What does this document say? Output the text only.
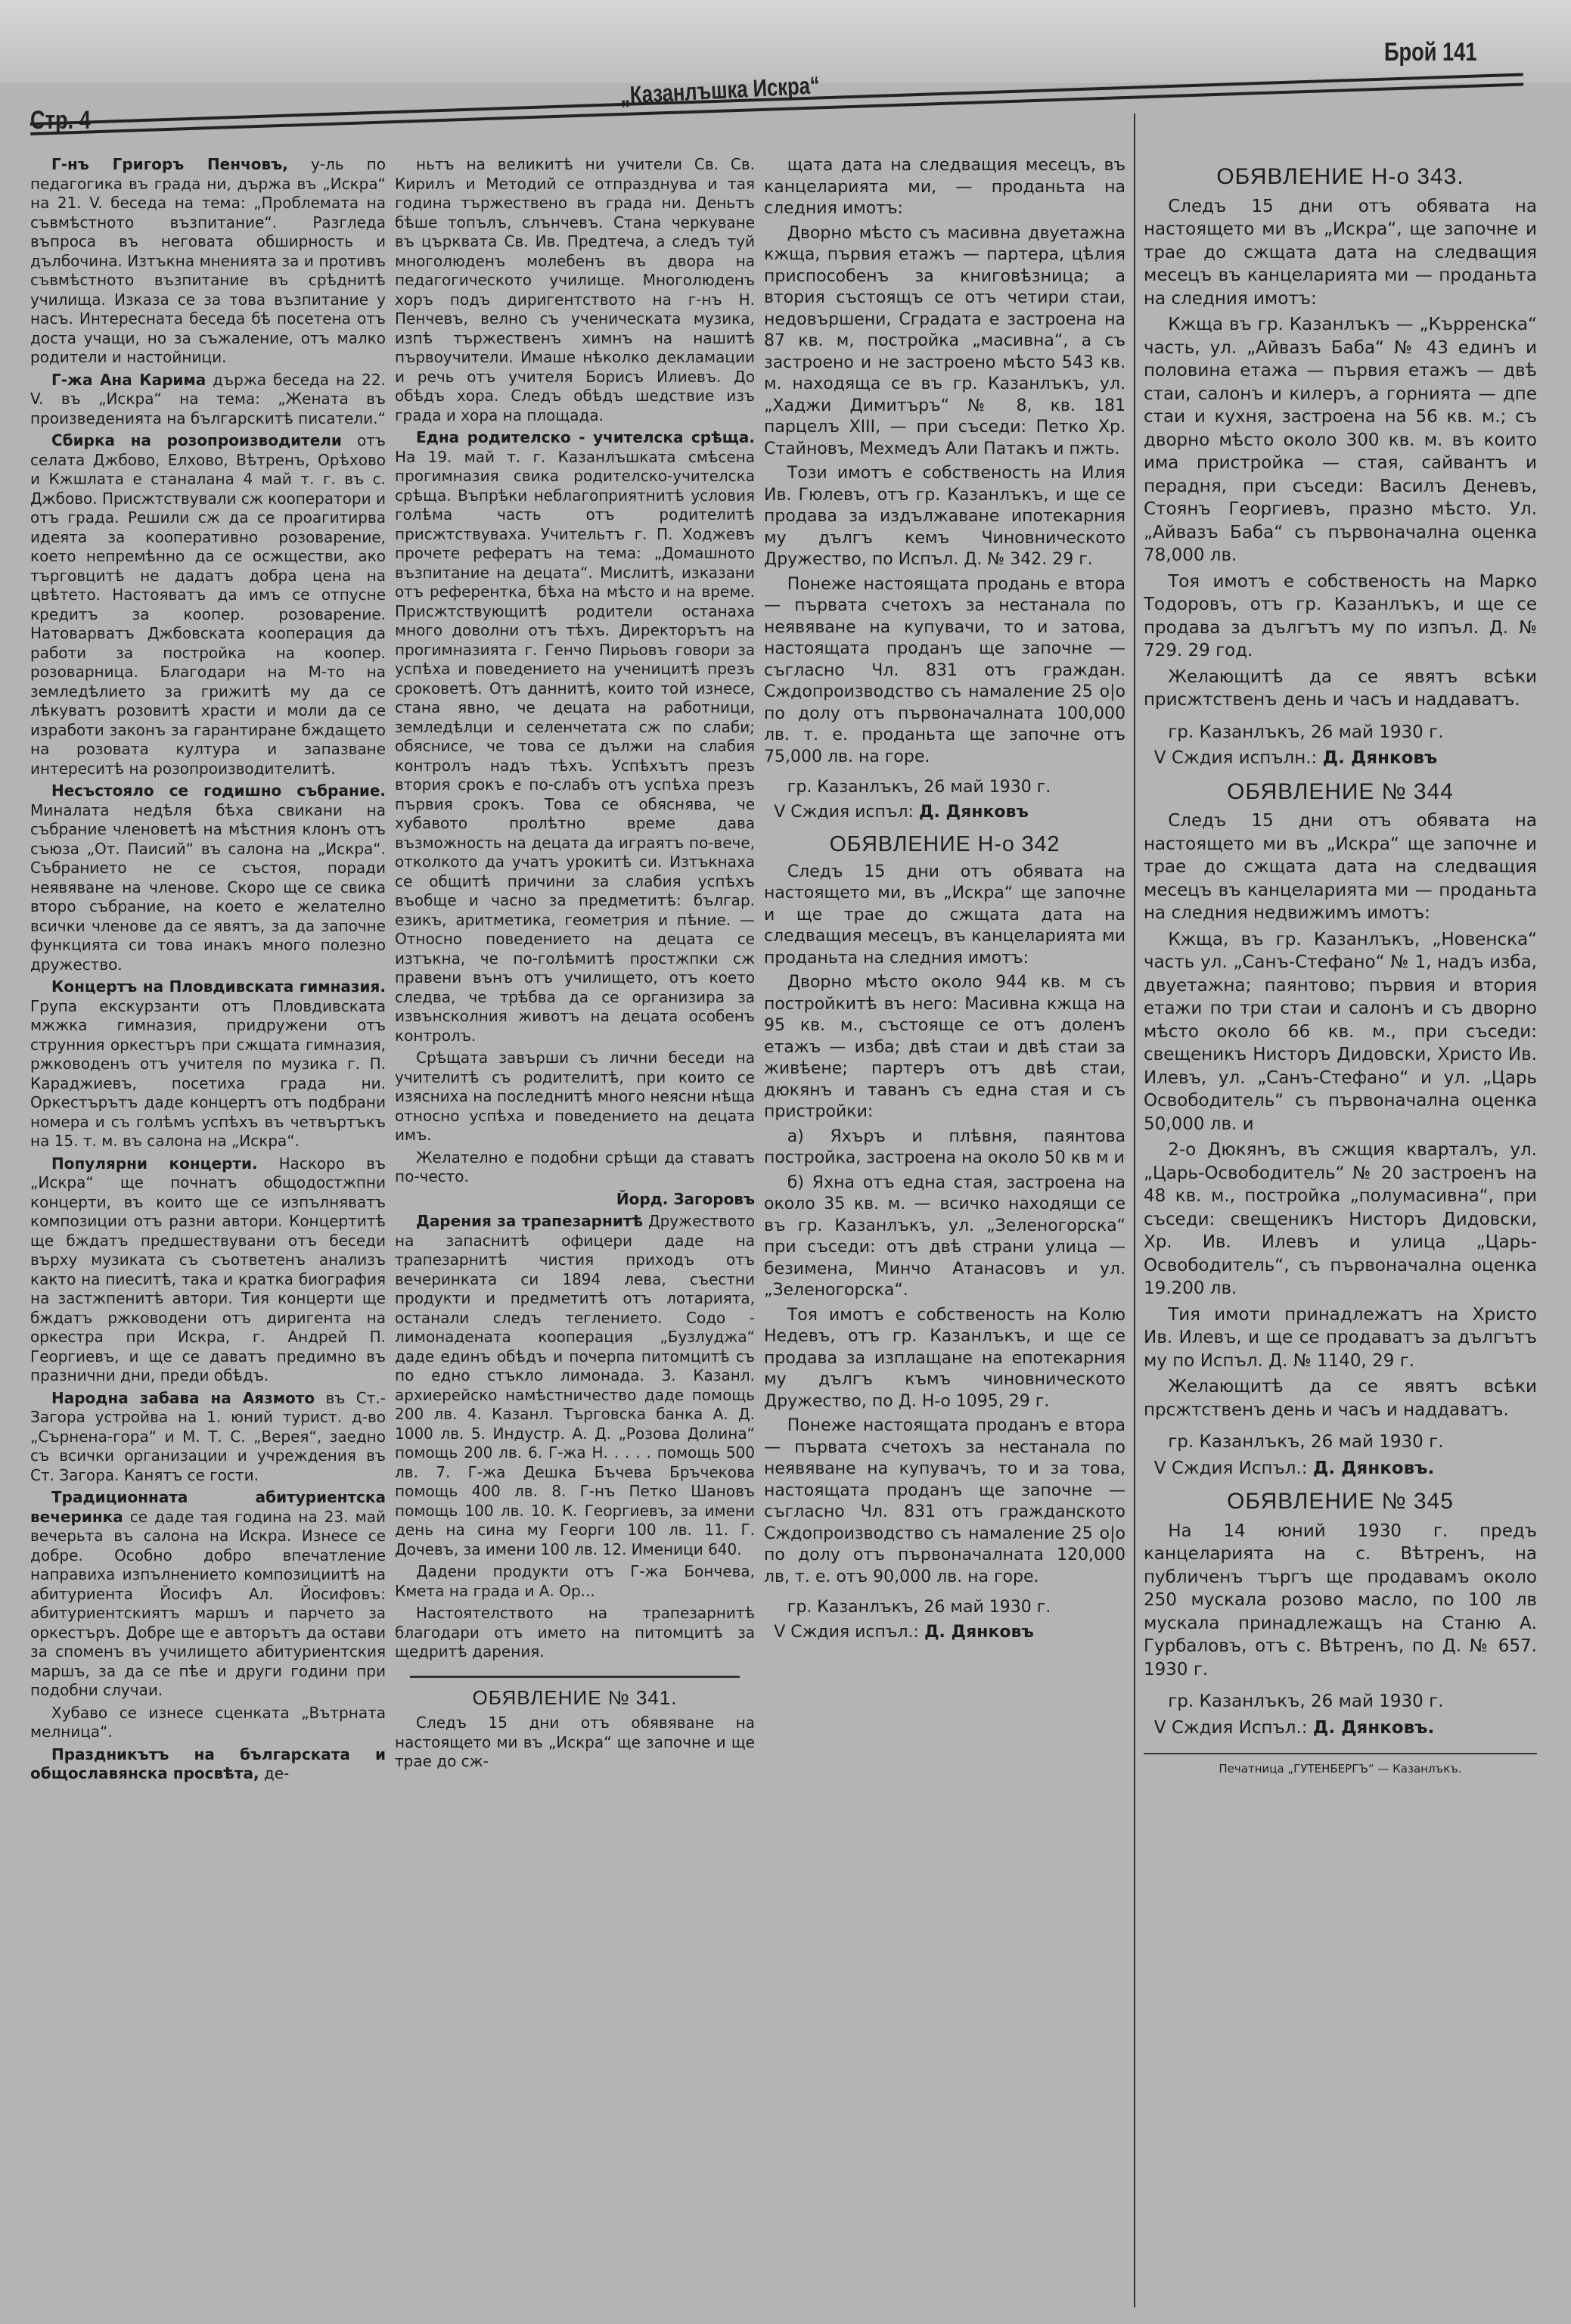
Стр. 4
„Казанлъшка Искра“
Брой 141

Г-нъ Григоръ Пенчовъ, у-ль по педагогика въ града ни, държа въ „Искра“ на 21. V. беседа на тема: „Проблемата на съвмѣстното възпитание“. Разгледа въпроса въ неговата обширность и дълбочина. Изтъкна мненията за и противъ съвмѣстното възпитание въ срѣднитѣ училища. Изказа се за това възпитание у насъ. Интересната беседа бѣ посетена отъ доста учащи, но за съжаление, отъ малко родители и настойници.

Г-жа Ана Карима държа беседа на 22. V. въ „Искра“ на тема: „Жената въ произведенията на българскитѣ писатели.“

Сбирка на розопроизводители отъ селата Джбово, Елхово, Вѣтренъ, Орѣхово и Кжшлата е станалана 4 май т. г. въ с. Джбово. Присжтствували сж кооператори и отъ града. Решили сж да се проагитирва идеята за кооперативно розоварение, което непремѣнно да се осжществи, ако търговцитѣ не дадатъ добра цена на цвѣтето. Настояватъ да имъ се отпусне кредитъ за коопер. розоварение. Натоварватъ Джбовската кооперация да работи за постройка на коопер. розоварница. Благодари на М-то на земледѣлието за грижитѣ му да се лѣкуватъ розовитѣ храсти и моли да се изработи законъ за гарантиране бждащето на розовата култура и запазване интереситѣ на розопроизводителитѣ.

Несъстояло се годишно събрание. Миналата недѣля бѣха свикани на събрание членоветѣ на мѣстния клонъ отъ съюза „От. Паисий“ въ салона на „Искра“. Събранието не се състоя, поради неявяване на членове. Скоро ще се свика второ събрание, на което е желателно всички членове да се явятъ, за да започне функцията си това инакъ много полезно дружество.

Концертъ на Пловдивската гимназия. Група екскурзанти отъ Пловдивската мжжка гимназия, придружени отъ струнния оркестъръ при сжщата гимназия, ржководенъ отъ учителя по музика г. П. Караджиевъ, посетиха града ни. Оркестърътъ даде концертъ отъ подбрани номера и съ голѣмъ успѣхъ въ четвъртъкъ на 15. т. м. въ салона на „Искра“.

Популярни концерти. Наскоро въ „Искра“ ще почнатъ общодостжпни концерти, въ които ще се изпълняватъ композиции отъ разни автори. Концертитѣ ще бждатъ предшествувани отъ беседи върху музиката съ съответенъ анализъ както на пиеситѣ, така и кратка биография на застжпенитѣ автори. Тия концерти ще бждатъ ржководени отъ диригента на оркестра при Искра, г. Андрей П. Георгиевъ, и ще се даватъ предимно въ празнични дни, преди обѣдъ.

Народна забава на Аязмото въ Ст.-Загора устройва на 1. юний турист. д-во „Сърнена-гора“ и М. Т. С. „Верея“, заедно съ всички организации и учреждения въ Ст. Загора. Канятъ се гости.

Традиционната абитуриентска вечеринка се даде тая година на 23. май вечерьта въ салона на Искра. Изнесе се добре. Особно добро впечатление направиха изпълнението композициитѣ на абитуриента Йосифъ Ал. Йосифовъ: абитуриентскиятъ маршъ и парчето за оркестъръ. Добре ще е авторътъ да остави за споменъ въ училището абитуриентския маршъ, за да се пѣе и други години при подобни случаи.

Хубаво се изнесе сценката „Вътрната мелница“.

Праздникътъ на българската и общославянска просвѣта, де-

ньтъ на великитѣ ни учители Св. Св. Кирилъ и Методий се отпразднува и тая година тържествено въ града ни. Деньтъ бѣше топълъ, слънчевъ. Стана черкуване въ църквата Св. Ив. Предтеча, а следъ туй многолюденъ молебенъ въ двора на педагогическото училище. Многолюденъ хоръ подъ диригентството на г-нъ Н. Пенчевъ, велно съ ученическата музика, изпѣ тържественъ химнъ на нашитѣ първоучители. Имаше нѣколко декламации и речь отъ учителя Борисъ Илиевъ. До обѣдъ хора. Следъ обѣдъ шедствие изъ града и хора на площада.

Една родителско - учителска срѣща. На 19. май т. г. Казанлъшката смѣсена прогимназия свика родителско-учителска срѣща. Въпрѣки неблагоприятнитѣ условия голѣма часть отъ родителитѣ присжтствуваха. Учительтъ г. П. Ходжевъ прочете рефератъ на тема: „Домашното възпитание на децата“. Мислитѣ, изказани отъ референтка, бѣха на мѣсто и на време. Присжтствующитѣ родители останаха много доволни отъ тѣхъ. Директорътъ на прогимназията г. Генчо Пирьовъ говори за успѣха и поведението на ученицитѣ презъ сроковетѣ. Отъ даннитѣ, които той изнесе, стана явно, че децата на работници, земледѣлци и селенчетата сж по слаби; обяснисе, че това се дължи на слабия контролъ надъ тѣхъ. Успѣхътъ презъ втория срокъ е по-слабъ отъ успѣха презъ първия срокъ. Това се обяснява, че хубавото пролѣтно време дава възможность на децата да играятъ по-вече, отколкото да учатъ урокитѣ си. Изтъкнаха се общитѣ причини за слабия успѣхъ въобще и часно за предметитѣ: българ. езикъ, аритметика, геометрия и пѣние. — Относно поведението на децата се изтъкна, че по-голѣмитѣ простжпки сж правени вънъ отъ училището, отъ което следва, че трѣбва да се организира за извънсколния животъ на децата особенъ контролъ.

Срѣщата завърши съ лични беседи на учителитѣ съ родителитѣ, при които се изясниха на последнитѣ много неясни нѣща относно успѣха и поведението на децата имъ.

Желателно е подобни срѣщи да ставатъ по-често.

Йорд. Загоровъ

Дарения за трапезарнитѣ Дружеството на запаснитѣ офицери даде на трапезарнитѣ чистия приходъ отъ вечеринката си 1894 лева, съестни продукти и предметитѣ отъ лотарията, останали следъ теглението. Содо - лимонадената кооперация „Бузлуджа“ даде единъ обѣдъ и почерпа питомцитѣ съ по едно стъкло лимонада. 3. Казанл. архиерейско намѣстничество даде помощь 200 лв. 4. Казанл. Търговска банка А. Д. 1000 лв. 5. Индустр. А. Д. „Розова Долина“ помощь 200 лв. 6. Г-жа Н. . . . . помощь 500 лв. 7. Г-жа Дешка Бъчева Бръчекова помощь 400 лв. 8. Г-нъ Петко Шановъ помощь 100 лв. 10. К. Георгиевъ, за имени день на сина му Георги 100 лв. 11. Г. Дочевъ, за имени 100 лв. 12. Именици 640.

Дадени продукти отъ Г-жа Бончева, Кмета на града и А. Ор...

Настоятелството на трапезарнитѣ благодари отъ името на питомцитѣ за щедритѣ дарения.

ОБЯВЛЕНИЕ № 341.

Следъ 15 дни отъ обявяване на настоящето ми въ „Искра“ ще започне и ще трае до сж-

щата дата на следващия месецъ, въ канцеларията ми, — проданьта на следния имотъ:

Дворно мѣсто съ масивна двуетажна кжща, първия етажъ — партера, цѣлия приспособенъ за книговѣзница; а втория състоящъ се отъ четири стаи, недовършени, Сградата е застроена на 87 кв. м, постройка „масивна“, а съ застроено и не застроено мѣсто 543 кв. м. находяща се въ гр. Казанлъкъ, ул. „Хаджи Димитъръ“ № 8, кв. 181 парцелъ XIII, — при съседи: Петко Хр. Стайновъ, Мехмедъ Али Патакъ и пжть.

Този имотъ е собственость на Илия Ив. Гюлевъ, отъ гр. Казанлъкъ, и ще се продава за издължаване ипотекарния му дългъ кемъ Чиновническото Дружество, по Испъл. Д. № 342. 29 г.

Понеже настоящата продань е втора — първата счетохъ за нестанала по неявяване на купувачи, то и затова, настоящата проданъ ще започне — съгласно Чл. 831 отъ граждан. Сждопроизводство съ намаление 25 о|о по долу отъ първоначалната 100,000 лв. т. е. проданьта ще започне отъ 75,000 лв. на горе.

гр. Казанлъкъ, 26 май 1930 г.

V Сждия испъл: Д. Дянковъ

ОБЯВЛЕНИЕ Н-о 342

Следъ 15 дни отъ обявата на настоящето ми, въ „Искра“ ще започне и ще трае до сжщата дата на следващия месецъ, въ канцеларията ми проданьта на следния имотъ:

Дворно мѣсто около 944 кв. м съ постройкитѣ въ него: Масивна кжща на 95 кв. м., състояще се отъ доленъ етажъ — изба; двѣ стаи и двѣ стаи за живѣене; партеръ отъ двѣ стаи, дюкянъ и таванъ съ една стая и съ пристройки:

а) Яхъръ и плѣвня, паянтова постройка, застроена на около 50 кв м и

б) Яхна отъ една стая, застроена на около 35 кв. м. — всичко находящи се въ гр. Казанлъкъ, ул. „Зеленогорска“ при съседи: отъ двѣ страни улица — безимена, Минчо Атанасовъ и ул. „Зеленогорска“.

Тоя имотъ е собственость на Колю Недевъ, отъ гр. Казанлъкъ, и ще се продава за изплащане на епотекарния му дългъ къмъ чиновническото Дружество, по Д. Н-о 1095, 29 г.

Понеже настоящата проданъ е втора — първата счетохъ за нестанала по неявяване на купувачъ, то и за това, настоящата проданъ ще започне — съгласно Чл. 831 отъ гражданското Сждопроизводство съ намаление 25 о|о по долу отъ първоначалната 120,000 лв, т. е. отъ 90,000 лв. на горе.

гр. Казанлъкъ, 26 май 1930 г.

V Сждия испъл.: Д. Дянковъ

ОБЯВЛЕНИЕ Н-о 343.

Следъ 15 дни отъ обявата на настоящето ми въ „Искра“, ще започне и трае до сжщата дата на следващия месецъ въ канцеларията ми — проданьта на следния имотъ:

Кжща въ гр. Казанлъкъ — „Кърренска“ часть, ул. „Айвазъ Баба“ № 43 единъ и половина етажа — първия етажъ — двѣ стаи, салонъ и килеръ, а горнията — дпе стаи и кухня, застроена на 56 кв. м.; съ дворно мѣсто около 300 кв. м. въ които има пристройка — стая, сайвантъ и перадня, при съседи: Василъ Деневъ, Стоянъ Георгиевъ, празно мѣсто. Ул. „Айвазъ Баба“ съ първоначална оценка 78,000 лв.

Тоя имотъ е собственость на Марко Тодоровъ, отъ гр. Казанлъкъ, и ще се продава за дългътъ му по изпъл. Д. № 729. 29 год.

Желающитѣ да се явятъ всѣки присжтственъ день и часъ и наддаватъ.

гр. Казанлъкъ, 26 май 1930 г.

V Сждия испълн.: Д. Дянковъ

ОБЯВЛЕНИЕ № 344

Следъ 15 дни отъ обявата на настоящето ми въ „Искра“ ще започне и трае до сжщата дата на следващия месецъ въ канцеларията ми — проданьта на следния недвижимъ имотъ:

Кжща, въ гр. Казанлъкъ, „Новенска“ часть ул. „Санъ-Стефано“ № 1, надъ изба, двуетажна; паянтово; първия и втория етажи по три стаи и салонъ и съ дворно мѣсто около 66 кв. м., при съседи: свещеникъ Нисторъ Дидовски, Христо Ив. Илевъ, ул. „Санъ-Стефано“ и ул. „Царь Освободитель“ съ първоначална оценка 50,000 лв. и

2-о Дюкянъ, въ сжщия кварталъ, ул. „Царь-Освободитель“ № 20 застроенъ на 48 кв. м., постройка „полумасивна“, при съседи: свещеникъ Нисторъ Дидовски, Хр. Ив. Илевъ и улица „Царь-Освободитель“, съ първоначална оценка 19.200 лв.

Тия имоти принадлежатъ на Христо Ив. Илевъ, и ще се продаватъ за дългътъ му по Испъл. Д. № 1140, 29 г.

Желающитѣ да се явятъ всѣки прсжтственъ день и часъ и наддаватъ.

гр. Казанлъкъ, 26 май 1930 г.

V Сждия Испъл.: Д. Дянковъ.

ОБЯВЛЕНИЕ № 345

На 14 юний 1930 г. предъ канцеларията на с. Вѣтренъ, на публиченъ търгъ ще продавамъ около 250 мускала розово масло, по 100 лв мускала принадлежащъ на Станю А. Гурбаловъ, отъ с. Вѣтренъ, по Д. № 657. 1930 г.

гр. Казанлъкъ, 26 май 1930 г.

V Сждия Испъл.: Д. Дянковъ.

Печатница „ГУТЕНБЕРГЪ“ — Казанлъкъ.
